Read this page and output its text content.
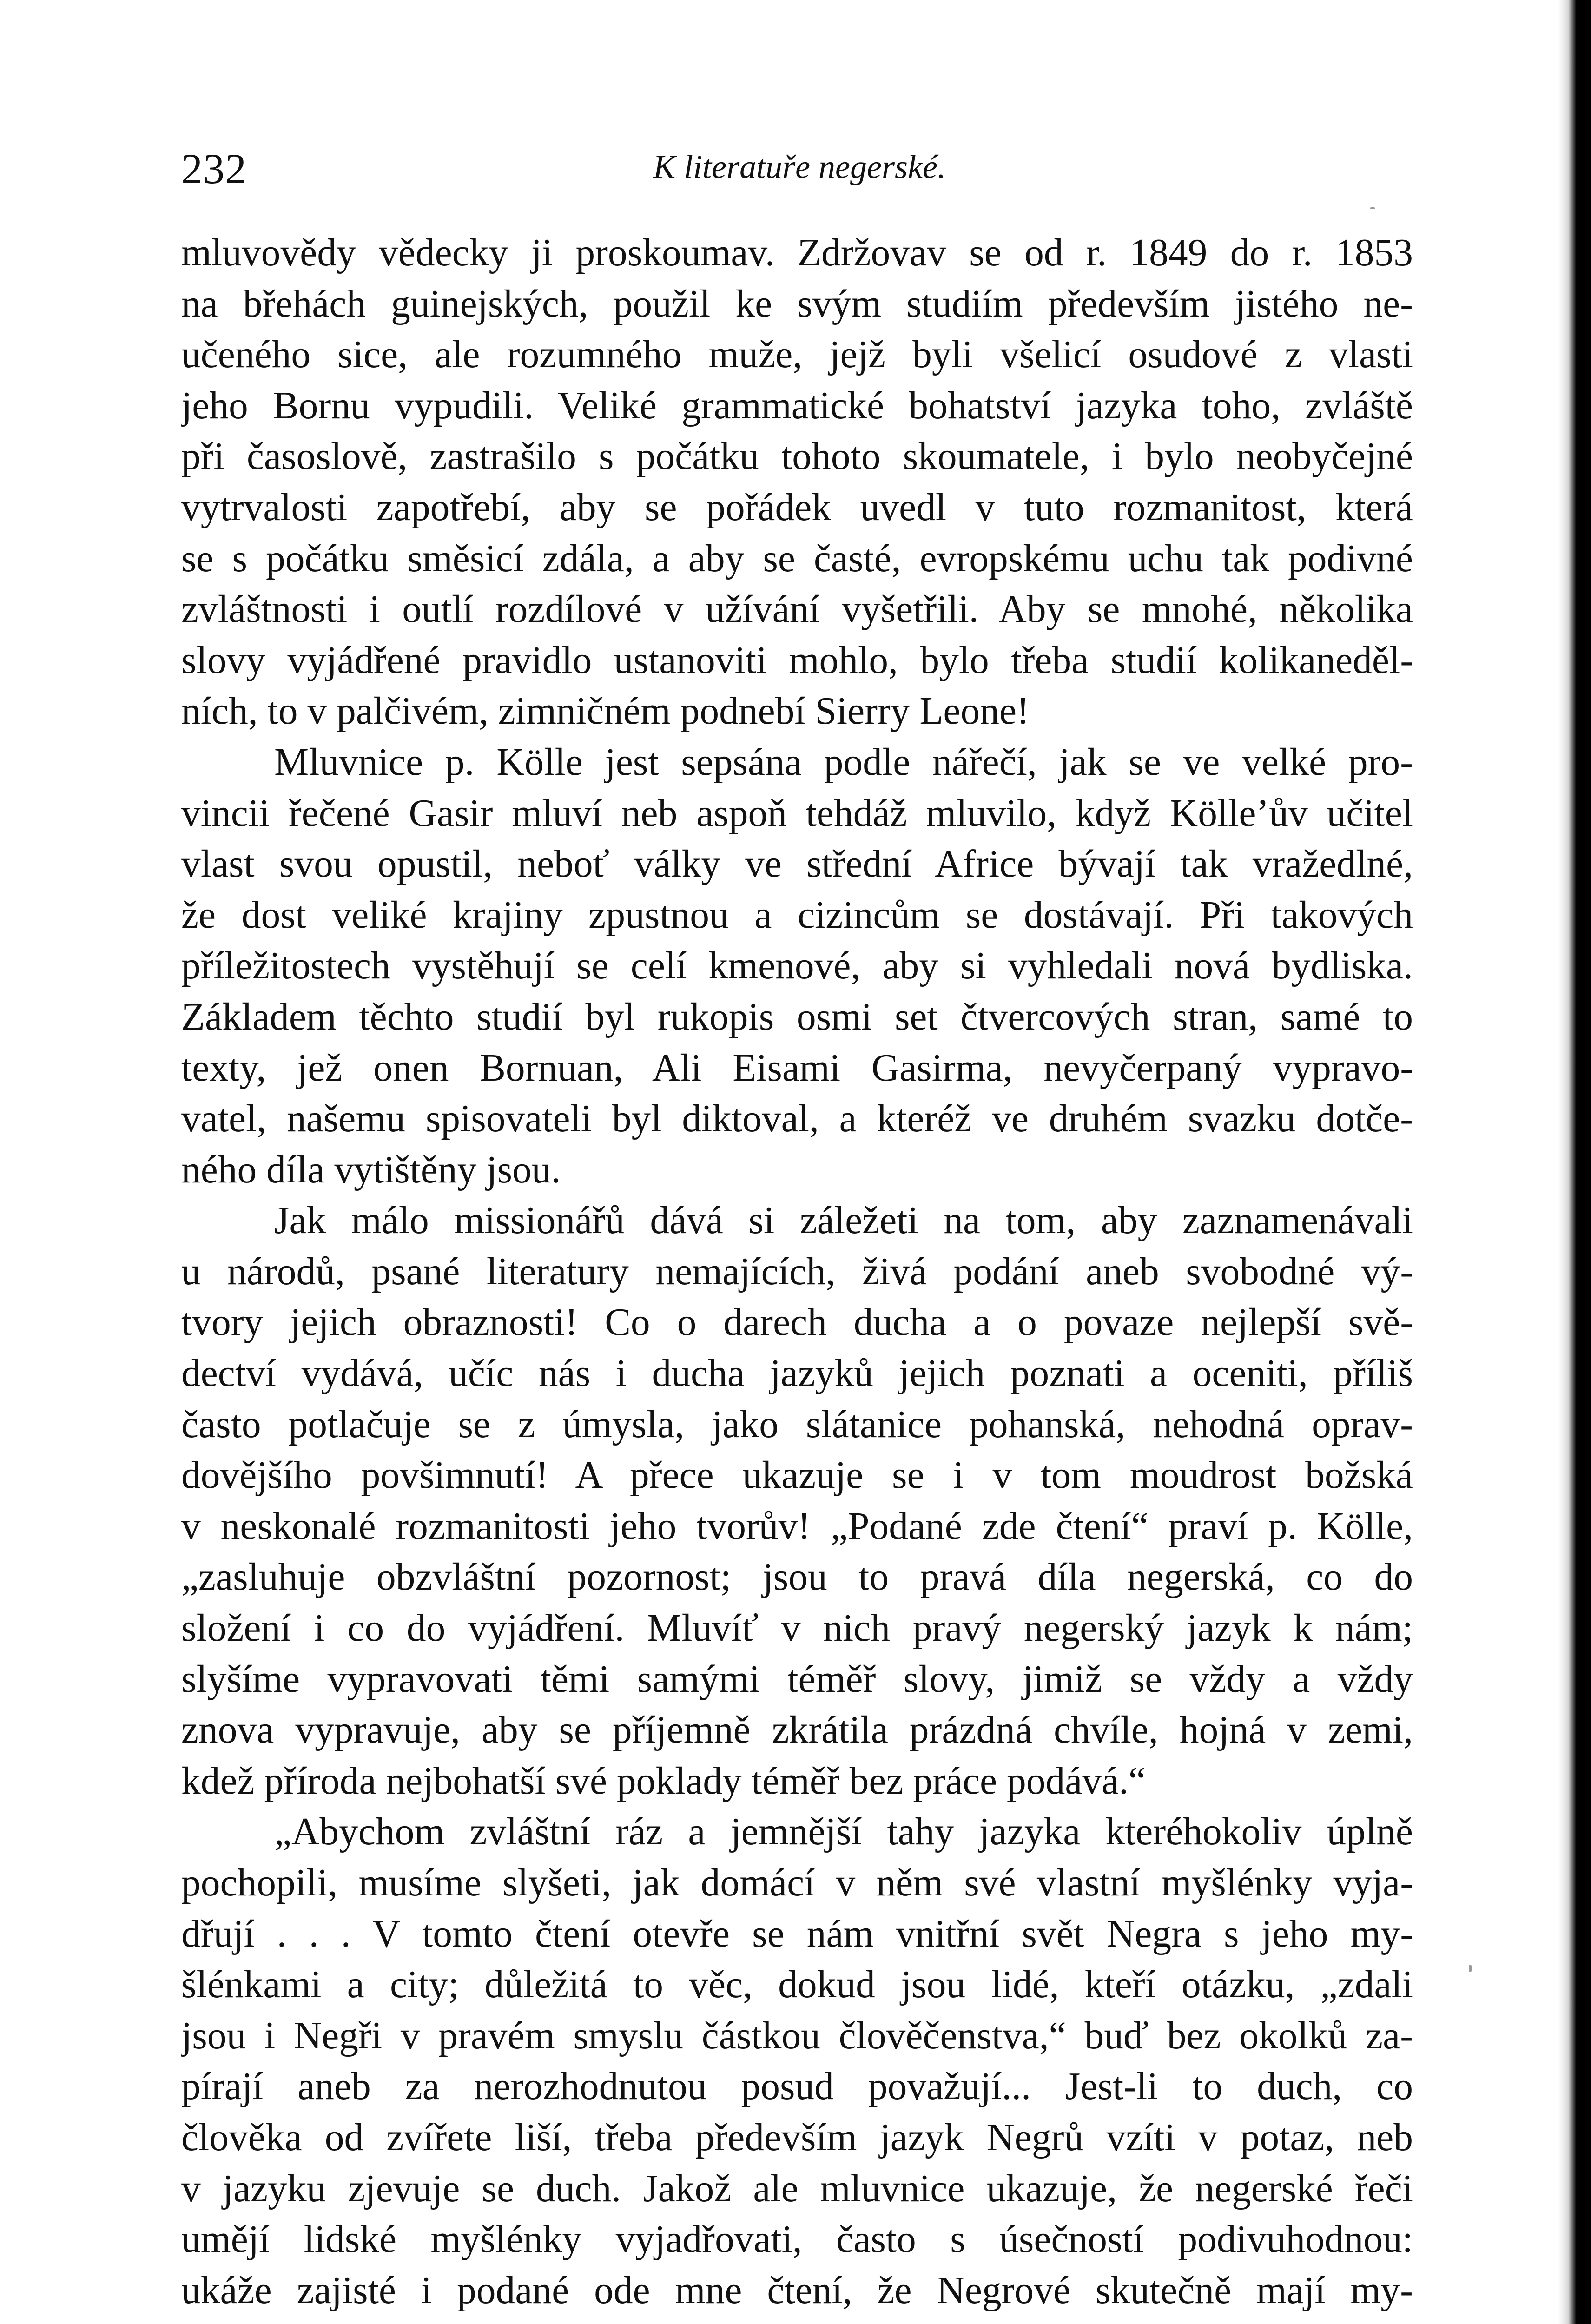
232	K literatuře negerské.
mluvovědy vědecky ji proskoumav. Zdržovav se od r. 1849 do r. 1853
na břehách guinejských, použil ke svým studiím především jistého ne-
učeného sice, ale rozumného muže, jejž byli všelicí osudové z vlasti
jeho Bornu vypudili. Veliké grammatické bohatství jazyka toho, zvláště
při časoslově, zastrašilo s počátku tohoto skoumatele, i bylo neobyčejné
vytrvalosti zapotřebí, aby se pořádek uvedl v tuto rozmanitost, která
se s počátku směsicí zdála, a aby se časté, evropskému uchu tak podivné
zvláštnosti i outlí rozdílové v užívání vyšetřili. Aby se mnohé, několika
slovy vyjádřené pravidlo ustanoviti mohlo, bylo třeba studií kolikaneděl-
ních, to v palčivém, zimničném podnebí Sierry Leone!
Mluvnice p. Kölle jest sepsána podle nářečí, jak se ve velké pro-
vincii řečené Gasir mluví neb aspoň tehdáž mluvilo, když Kölle’ův učitel
vlast svou opustil, neboť války ve střední Africe bývají tak vražedlné,
že dost veliké krajiny zpustnou a cizincům se dostávají. Při takových
příležitostech vystěhují se celí kmenové, aby si vyhledali nová bydliska.
Základem těchto studií byl rukopis osmi set čtvercových stran, samé to
texty, jež onen Bornuan, Ali Eisami Gasirma, nevyčerpaný vypravo-
vatel, našemu spisovateli byl diktoval, a kteréž ve druhém svazku dotče-
ného díla vytištěny jsou.
Jak málo missionářů dává si záležeti na tom, aby zaznamenávali
u národů, psané literatury nemajících, živá podání aneb svobodné vý-
tvory jejich obraznosti! Co o darech ducha a o povaze nejlepší svě-
dectví vydává, učíc nás i ducha jazyků jejich poznati a oceniti, příliš
často potlačuje se z úmysla, jako slátanice pohanská, nehodná oprav-
dovějšího povšimnutí! A přece ukazuje se i v tom moudrost božská
v neskonalé rozmanitosti jeho tvorův! „Podané zde čtení“ praví p. Kölle,
„zasluhuje obzvláštní pozornost; jsou to pravá díla negerská, co do
složení i co do vyjádření. Mluvíť v nich pravý negerský jazyk k nám;
slyšíme vypravovati těmi samými téměř slovy, jimiž se vždy a vždy
znova vypravuje, aby se příjemně zkrátila prázdná chvíle, hojná v zemi,
kdež příroda nejbohatší své poklady téměř bez práce podává.“
„Abychom zvláštní ráz a jemnější tahy jazyka kteréhokoliv úplně
pochopili, musíme slyšeti, jak domácí v něm své vlastní myšlénky vyja-
dřují . . . V tomto čtení otevře se nám vnitřní svět Negra s jeho my-
šlénkami a city; důležitá to věc, dokud jsou lidé, kteří otázku, „zdali
jsou i Negři v pravém smyslu částkou člověčenstva,“ buď bez okolků za-
pírají aneb za nerozhodnutou posud považují... Jest-li to duch, co
člověka od zvířete liší, třeba především jazyk Negrů vzíti v potaz, neb
v jazyku zjevuje se duch. Jakož ale mluvnice ukazuje, že negerské řeči
umějí lidské myšlénky vyjadřovati, často s úsečností podivuhodnou:
ukáže zajisté i podané ode mne čtení, že Negrové skutečně mají my-
